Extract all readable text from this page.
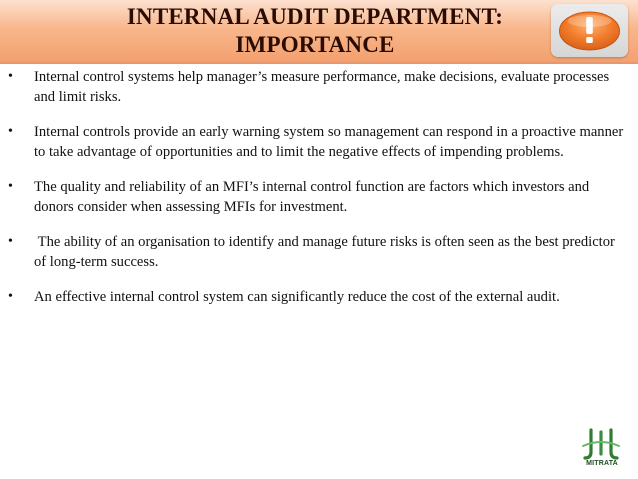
INTERNAL AUDIT DEPARTMENT:
IMPORTANCE
•	Internal control systems help manager’s measure performance, make decisions, evaluate processes and limit risks.
•	Internal controls provide an early warning system so management can respond in a proactive manner to take advantage of opportunities and to limit the negative effects of impending problems.
•	The quality and reliability of an MFI’s internal control function are factors which investors and donors consider when assessing MFIs for investment.
•	The ability of an organisation to identify and manage future risks is often seen as the best predictor of long-term success.
•	An effective internal control system can significantly reduce the cost of the external audit.
MITRATA
